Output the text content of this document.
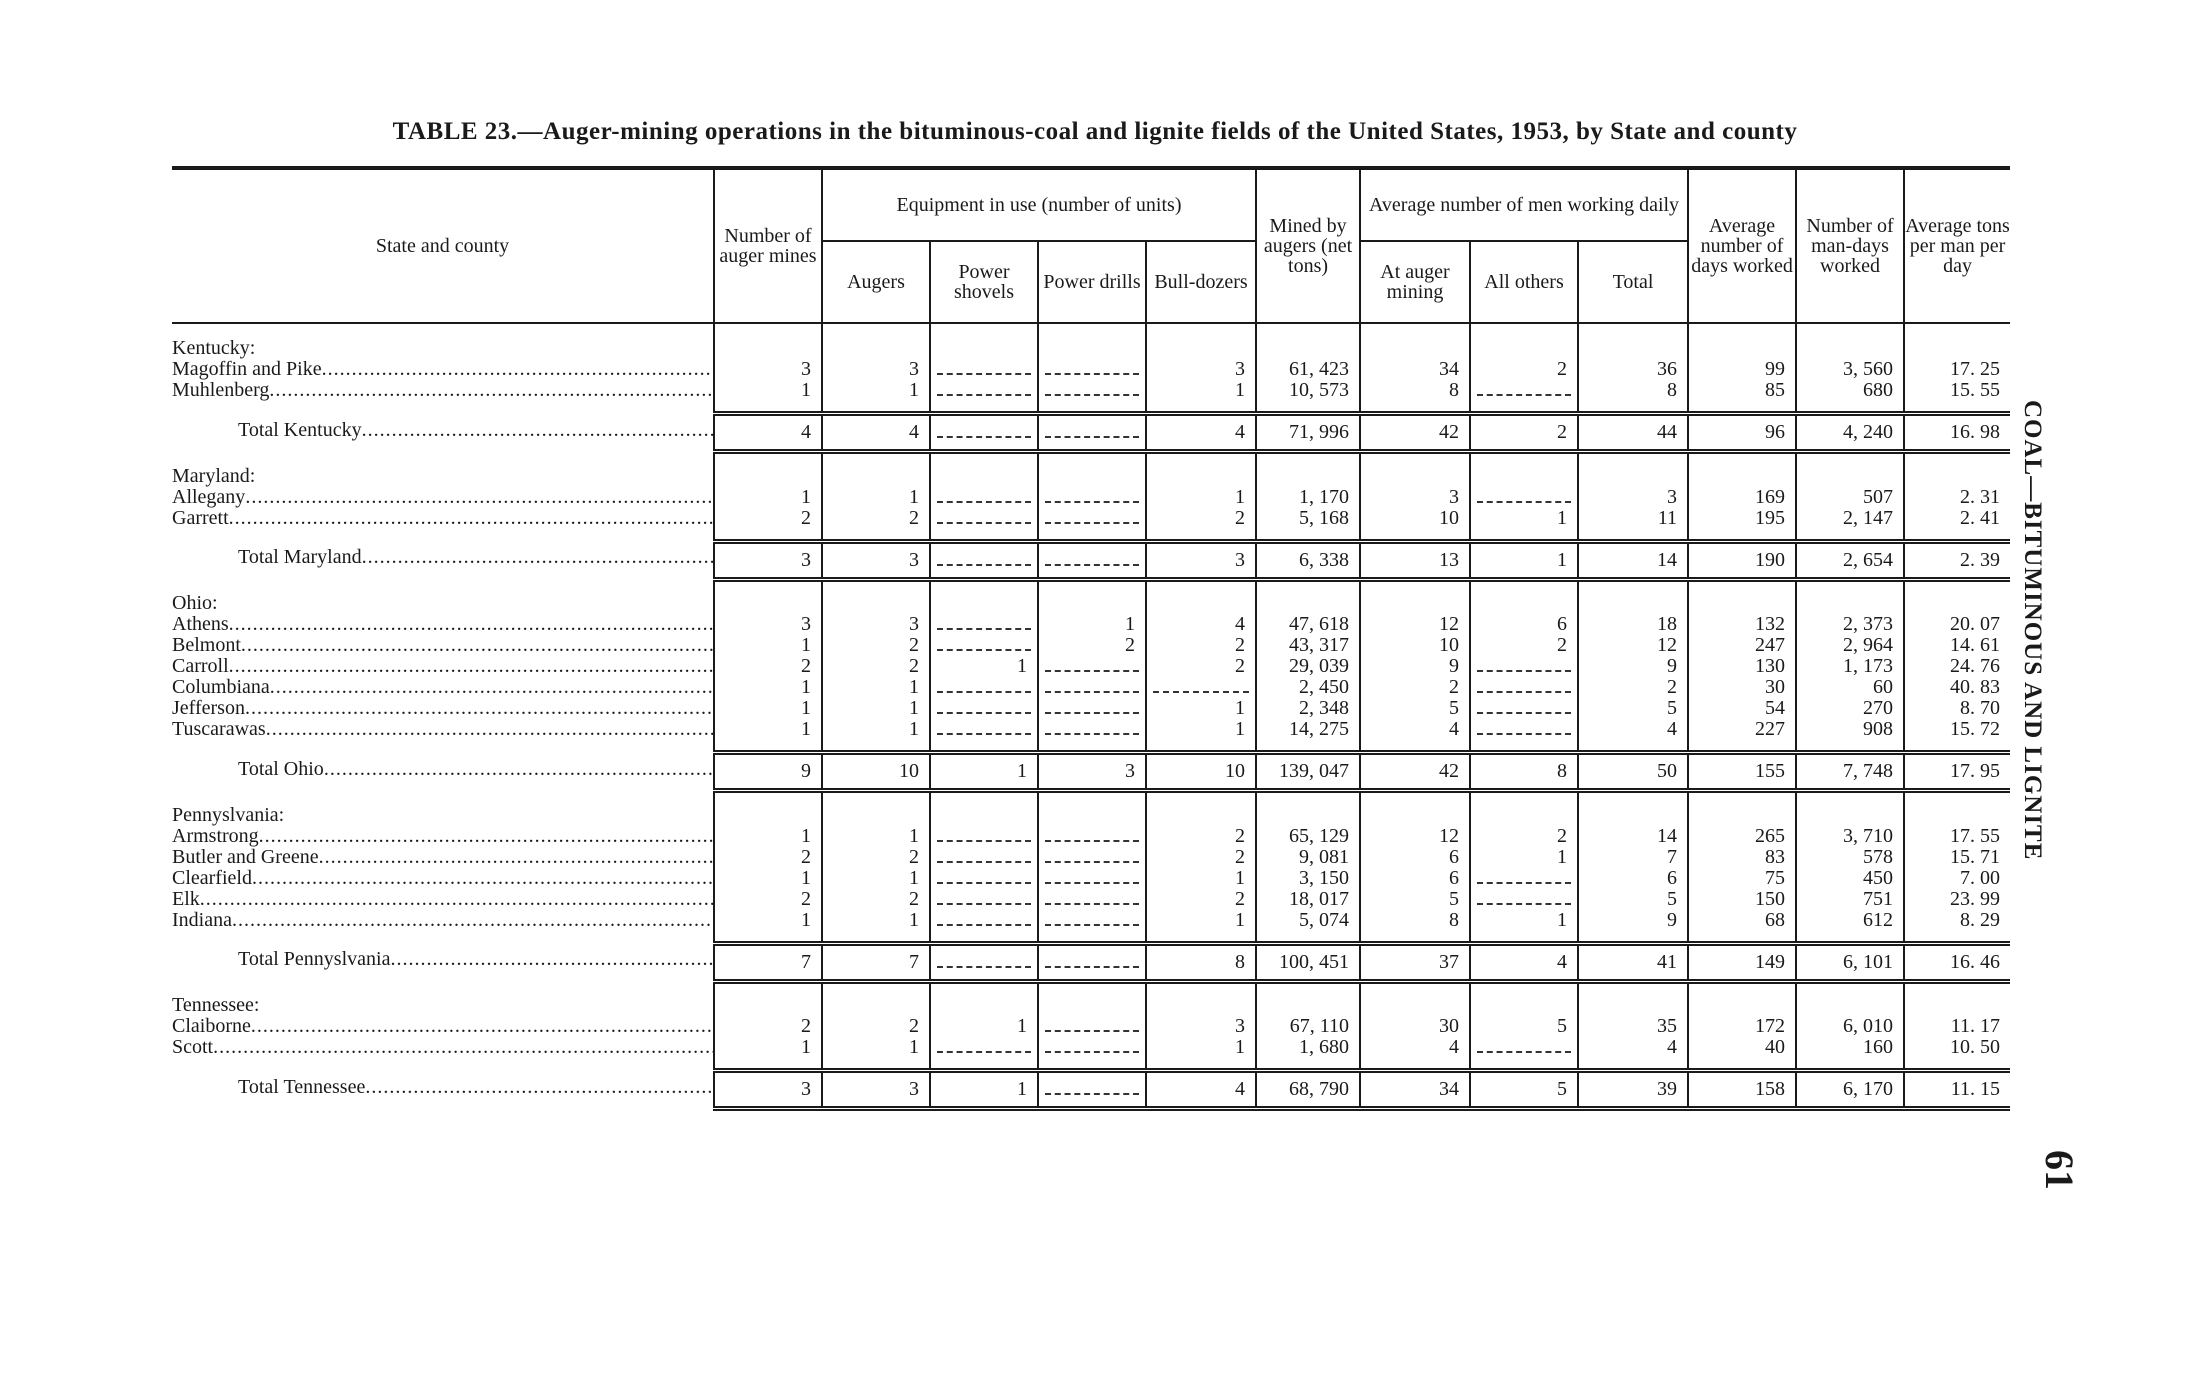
TABLE 23.—Auger-mining operations in the bituminous-coal and lignite fields of the United States, 1953, by State and county
State and county	Number of auger mines	Equipment in use (number of units)				Mined by augers (net tons)	Average number of men working daily			Average number of days worked	Number of man-days worked	Average tons per man per day
		Augers	Power shovels	Power drills	Bull-dozers		At auger mining	All others	Total			
Kentucky:												
Magoffin and Pike .....	3	3			3	61, 423	34	2	36	99	3, 560	17. 25
Muhlenberg .....	1	1			1	10, 573	8		8	85	680	15. 55

Total Kentucky .....	4	4			4	71, 996	42	2	44	96	4, 240	16. 98
Maryland:												
Allegany .....	1	1			1	1, 170	3		3	169	507	2. 31
Garrett .....	2	2			2	5, 168	10	1	11	195	2, 147	2. 41

Total Maryland .....	3	3			3	6, 338	13	1	14	190	2, 654	2. 39
Ohio:												
Athens .....	3	3		1	4	47, 618	12	6	18	132	2, 373	20. 07
Belmont .....	1	2		2	2	43, 317	10	2	12	247	2, 964	14. 61
Carroll .....	2	2	1		2	29, 039	9		9	130	1, 173	24. 76
Columbiana .....	1	1				2, 450	2		2	30	60	40. 83
Jefferson .....	1	1			1	2, 348	5		5	54	270	8. 70
Tuscarawas .....	1	1			1	14, 275	4		4	227	908	15. 72

Total Ohio .....	9	10	1	3	10	139, 047	42	8	50	155	7, 748	17. 95
Pennyslvania:												
Armstrong .....	1	1			2	65, 129	12	2	14	265	3, 710	17. 55
Butler and Greene .....	2	2			2	9, 081	6	1	7	83	578	15. 71
Clearfield .....	1	1			1	3, 150	6		6	75	450	7. 00
Elk .....	2	2			2	18, 017	5		5	150	751	23. 99
Indiana .....	1	1			1	5, 074	8	1	9	68	612	8. 29

Total Pennyslvania .....	7	7			8	100, 451	37	4	41	149	6, 101	16. 46
Tennessee:												
Claiborne .....	2	2	1		3	67, 110	30	5	35	172	6, 010	11. 17
Scott .....	1	1			1	1, 680	4		4	40	160	10. 50

Total Tennessee .....	3	3	1		4	68, 790	34	5	39	158	6, 170	11. 15
COAL—BITUMINOUS AND LIGNITE
61
